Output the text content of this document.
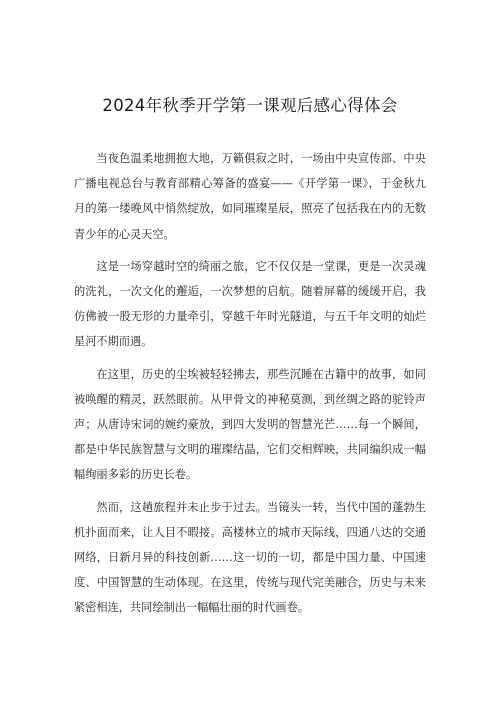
2024年秋季开学第一课观后感心得体会

当夜色温柔地拥抱大地，万籁俱寂之时，一场由中央宣传部、中央广播电视总台与教育部精心筹备的盛宴——《开学第一课》，于金秋九月的第一缕晚风中悄然绽放，如同璀璨星辰，照亮了包括我在内的无数青少年的心灵天空。

这是一场穿越时空的绮丽之旅，它不仅仅是一堂课，更是一次灵魂的洗礼，一次文化的邂逅，一次梦想的启航。随着屏幕的缓缓开启，我仿佛被一股无形的力量牵引，穿越千年时光隧道，与五千年文明的灿烂星河不期而遇。

在这里，历史的尘埃被轻轻拂去，那些沉睡在古籍中的故事，如同被唤醒的精灵，跃然眼前。从甲骨文的神秘莫测，到丝绸之路的驼铃声声；从唐诗宋词的婉约豪放，到四大发明的智慧光芒……每一个瞬间，都是中华民族智慧与文明的璀璨结晶，它们交相辉映，共同编织成一幅幅绚丽多彩的历史长卷。

然而，这趟旅程并未止步于过去。当镜头一转，当代中国的蓬勃生机扑面而来，让人目不暇接。高楼林立的城市天际线，四通八达的交通网络，日新月异的科技创新……这一切的一切，都是中国力量、中国速度、中国智慧的生动体现。在这里，传统与现代完美融合，历史与未来紧密相连，共同绘制出一幅幅壮丽的时代画卷。
